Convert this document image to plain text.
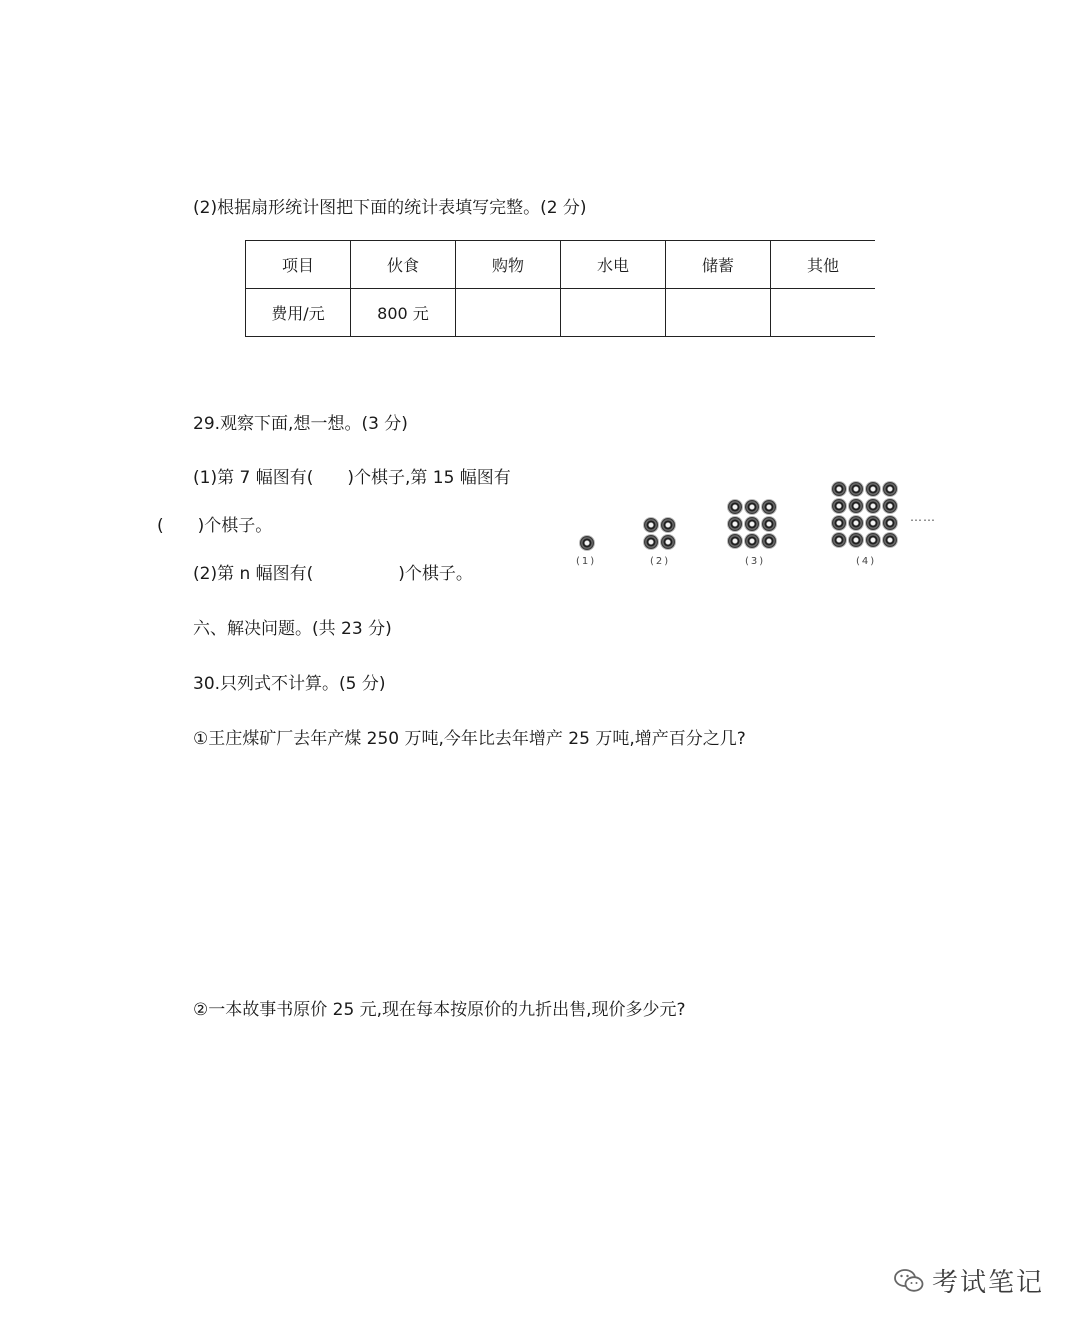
(2)根据扇形统计图把下面的统计表填写完整。(2 分)
项目	伙食	购物	水电	储蓄	其他
费用/元	800 元				
29.观察下面,想一想。(3 分)
(1)第 7 幅图有(　　)个棋子,第 15 幅图有
(　　)个棋子。
(2)第 n 幅图有(　　　　　)个棋子。
(1)	(2)	(3)	(4)
……
六、解决问题。(共 23 分)
30.只列式不计算。(5 分)
①王庄煤矿厂去年产煤 250 万吨,今年比去年增产 25 万吨,增产百分之几?
②一本故事书原价 25 元,现在每本按原价的九折出售,现价多少元?
考试笔记
